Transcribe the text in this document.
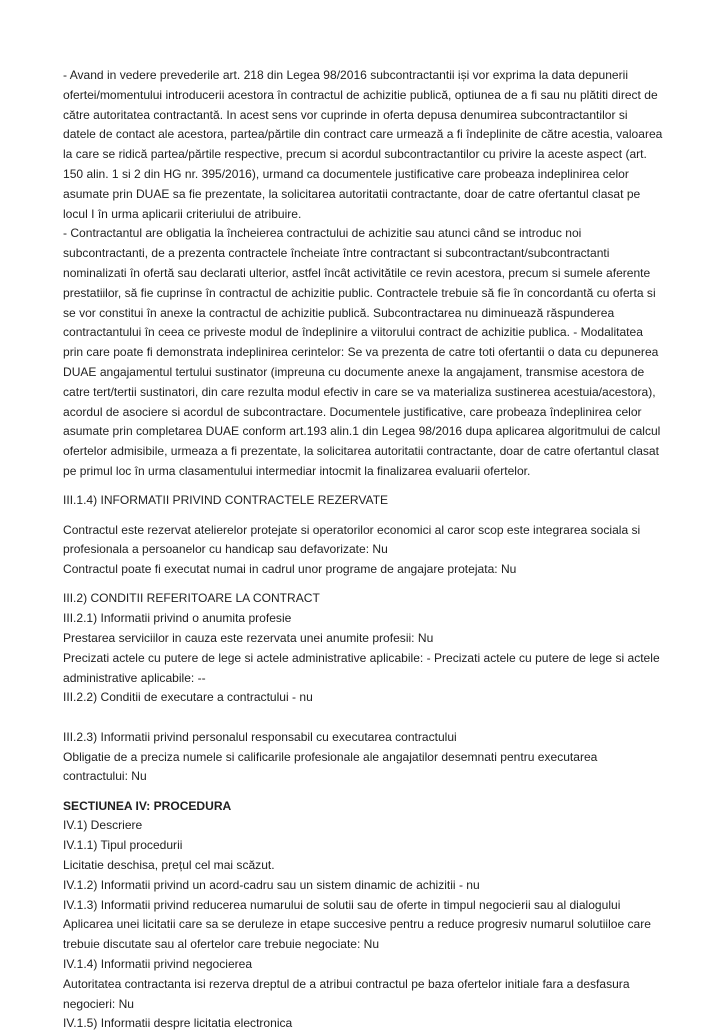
- Avand in vedere prevederile art. 218 din Legea 98/2016 subcontractantii iși vor exprima la data depunerii ofertei/momentului introducerii acestora în contractul de achizitie publică, optiunea de a fi sau nu plătiti direct de către autoritatea contractantă. In acest sens vor cuprinde in oferta depusa denumirea subcontractantilor si datele de contact ale acestora, partea/părtile din contract care urmează a fi îndeplinite de către acestia, valoarea la care se ridică partea/părtile respective, precum si acordul subcontractantilor cu privire la aceste aspect (art. 150 alin. 1 si 2 din HG nr. 395/2016), urmand ca documentele justificative care probeaza indeplinirea celor asumate prin DUAE sa fie prezentate, la solicitarea autoritatii contractante, doar de catre ofertantul clasat pe locul I în urma aplicarii criteriului de atribuire.

- Contractantul are obligatia la încheierea contractului de achizitie sau atunci când se introduc noi subcontractanti, de a prezenta contractele încheiate între contractant si subcontractant/subcontractanti nominalizati în ofertă sau declarati ulterior, astfel încât activitătile ce revin acestora, precum si sumele aferente prestatiilor, să fie cuprinse în contractul de achizitie public. Contractele trebuie să fie în concordantă cu oferta si se vor constitui în anexe la contractul de achizitie publică. Subcontractarea nu diminuează răspunderea contractantului în ceea ce priveste modul de îndeplinire a viitorului contract de achizitie publica. - Modalitatea prin care poate fi demonstrata indeplinirea cerintelor: Se va prezenta de catre toti ofertantii o data cu depunerea DUAE angajamentul tertului sustinator (impreuna cu documente anexe la angajament, transmise acestora de catre tert/tertii sustinatori, din care rezulta modul efectiv in care se va materializa sustinerea acestuia/acestora), acordul de asociere si acordul de subcontractare. Documentele justificative, care probeaza îndeplinirea celor asumate prin completarea DUAE conform art.193 alin.1 din Legea 98/2016 dupa aplicarea algoritmului de calcul ofertelor admisibile, urmeaza a fi prezentate, la solicitarea autoritatii contractante, doar de catre ofertantul clasat pe primul loc în urma clasamentului intermediar intocmit la finalizarea evaluarii ofertelor.

III.1.4) INFORMATII PRIVIND CONTRACTELE REZERVATE

Contractul este rezervat atelierelor protejate si operatorilor economici al caror scop este integrarea sociala si profesionala a persoanelor cu handicap sau defavorizate: Nu

Contractul poate fi executat numai in cadrul unor programe de angajare protejata: Nu

III.2) CONDITII REFERITOARE LA CONTRACT

III.2.1) Informatii privind o anumita profesie

Prestarea serviciilor in cauza este rezervata unei anumite profesii: Nu

Precizati actele cu putere de lege si actele administrative aplicabile: - Precizati actele cu putere de lege si actele administrative aplicabile: --

III.2.2) Conditii de executare a contractului - nu

III.2.3) Informatii privind personalul responsabil cu executarea contractului

Obligatie de a preciza numele si calificarile profesionale ale angajatilor desemnati pentru executarea contractului: Nu

SECTIUNEA IV: PROCEDURA

IV.1) Descriere

IV.1.1) Tipul procedurii

Licitatie deschisa, prețul cel mai scăzut.

IV.1.2) Informatii privind un acord-cadru sau un sistem dinamic de achizitii - nu

IV.1.3) Informatii privind reducerea numarului de solutii sau de oferte in timpul negocierii sau al dialogului

Aplicarea unei licitatii care sa se deruleze in etape succesive pentru a reduce progresiv numarul solutiiloe care trebuie discutate sau al ofertelor care trebuie negociate: Nu

IV.1.4) Informatii privind negocierea

Autoritatea contractanta isi rezerva dreptul de a atribui contractul pe baza ofertelor initiale fara a desfasura negocieri: Nu

IV.1.5) Informatii despre licitatia electronica
